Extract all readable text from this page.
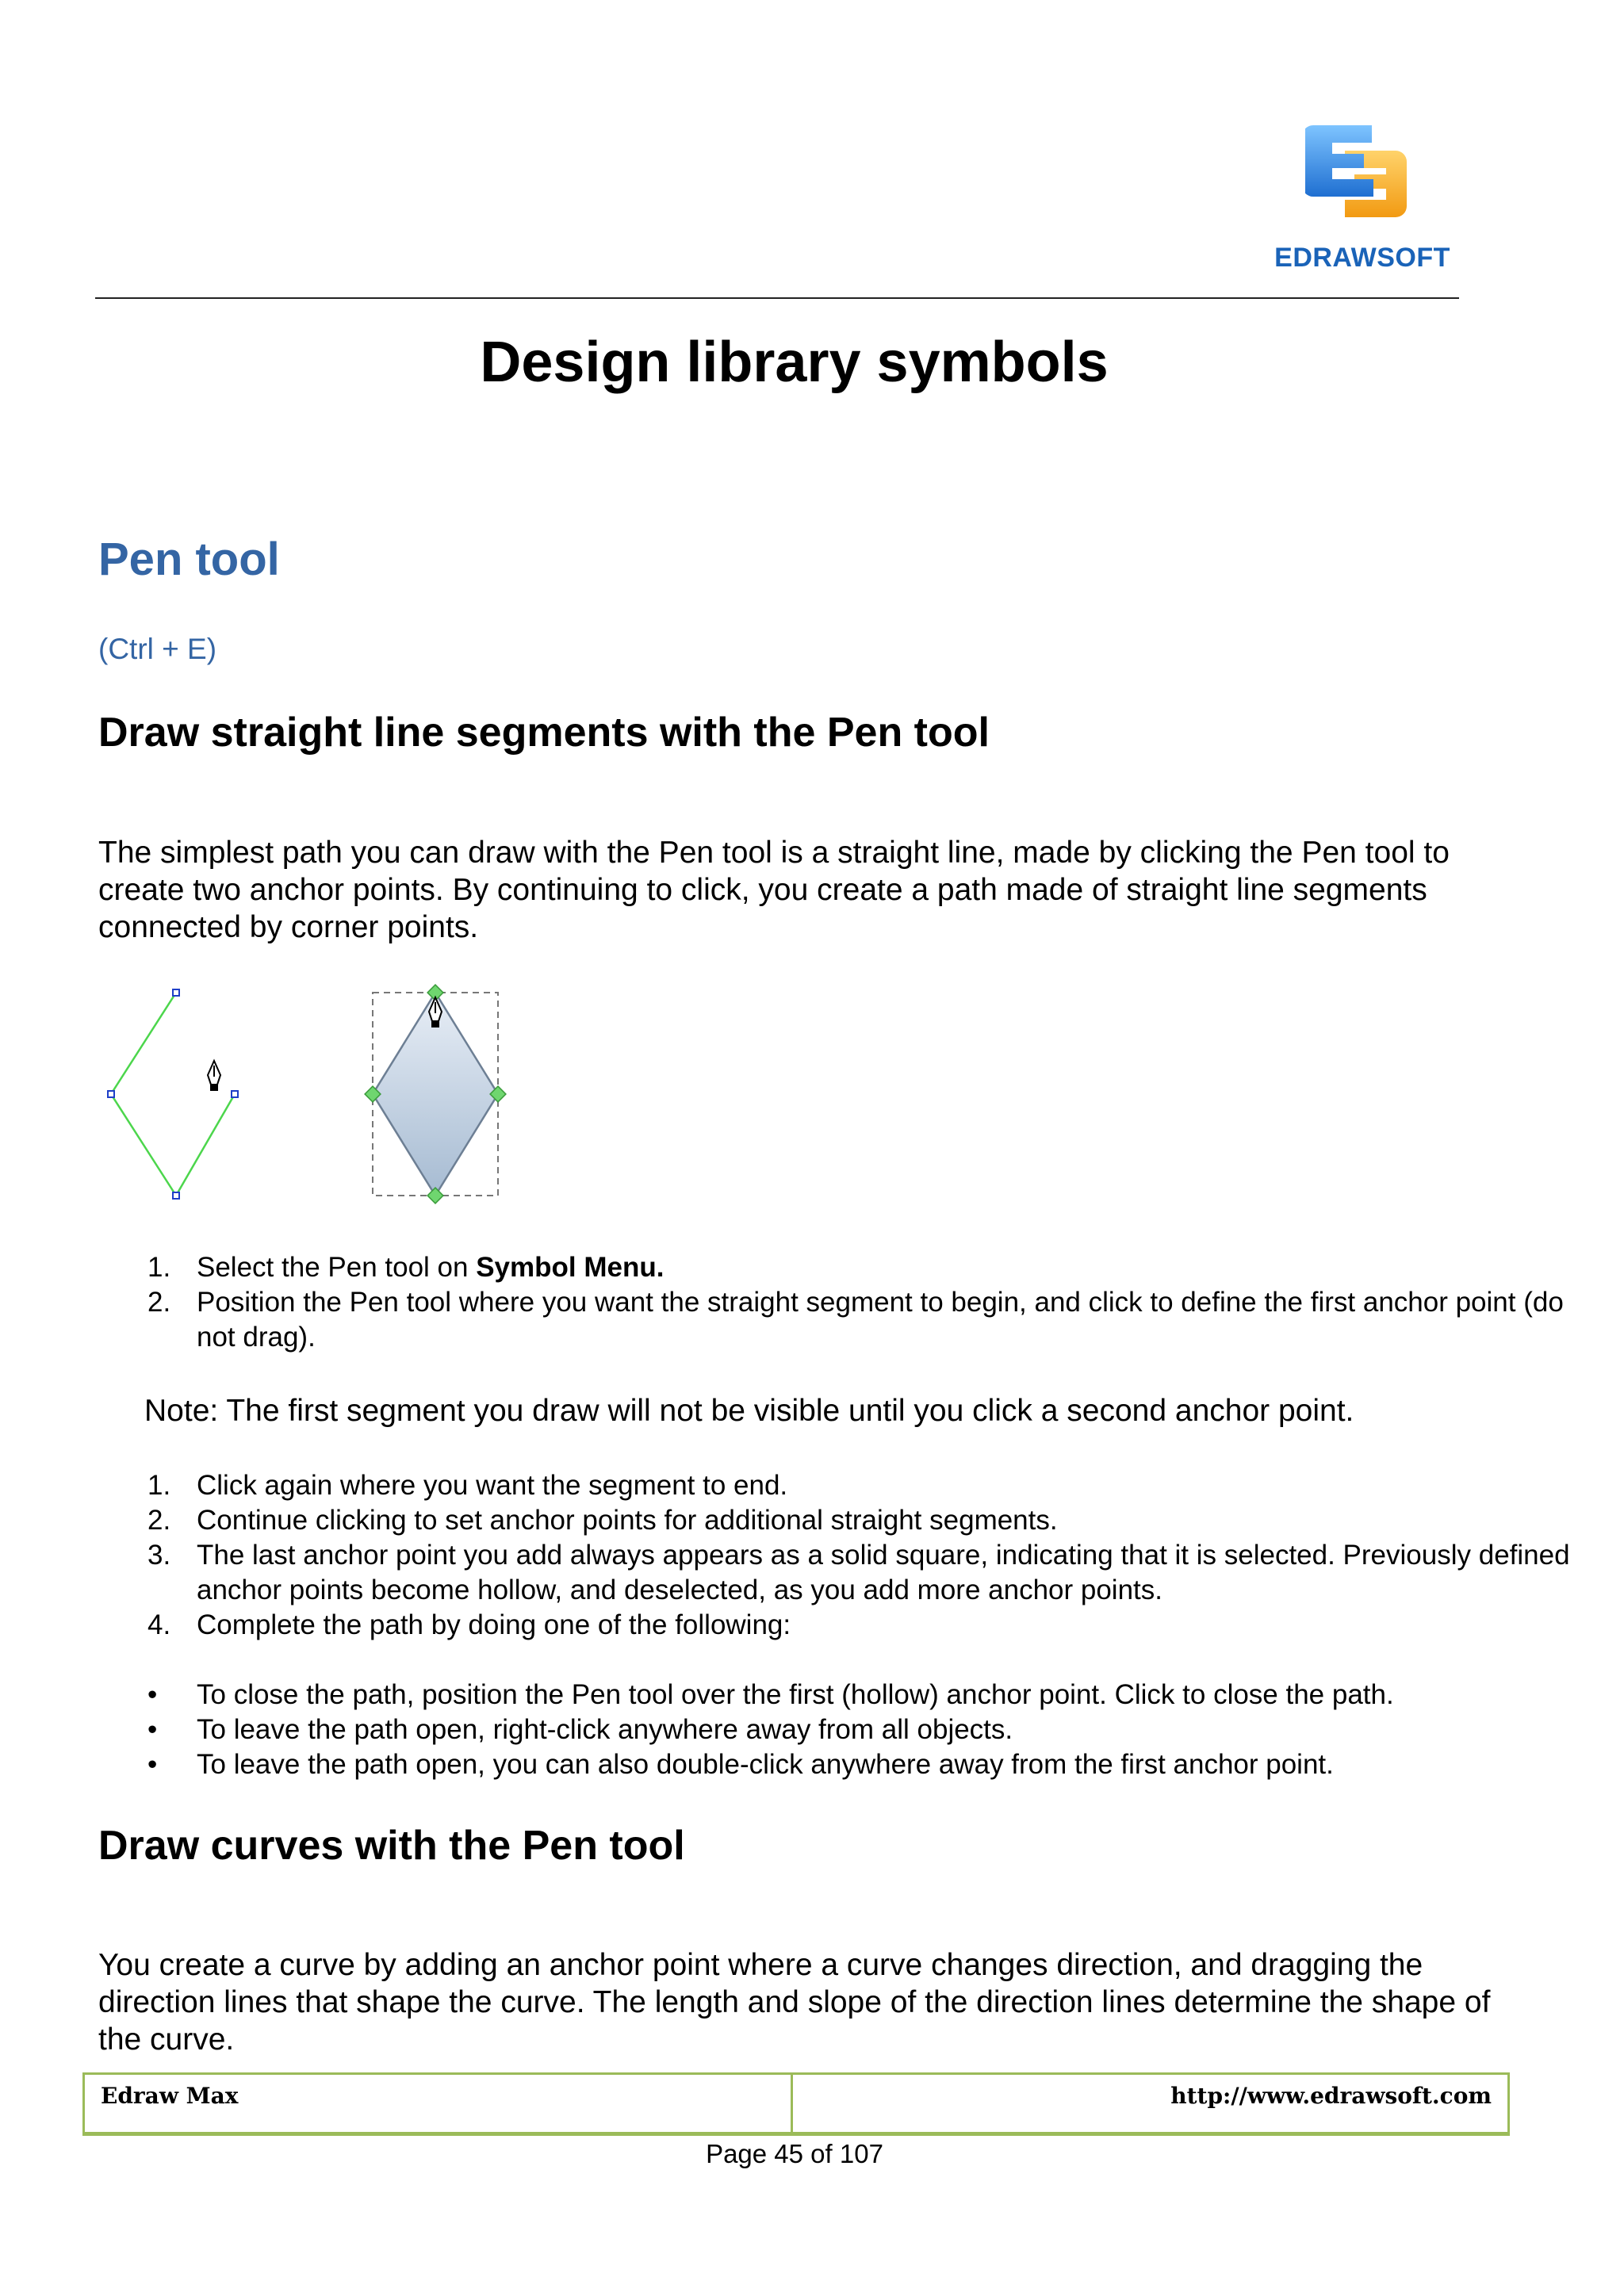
EDRAWSOFT
Design library symbols
Pen tool
(Ctrl + E)
Draw straight line segments with the Pen tool
The simplest path you can draw with the Pen tool is a straight line, made by clicking the Pen tool to create two anchor points. By continuing to click, you create a path made of straight line segments connected by corner points.
1. Select the Pen tool on Symbol Menu.
2. Position the Pen tool where you want the straight segment to begin, and click to define the first anchor point (do not drag).
Note: The first segment you draw will not be visible until you click a second anchor point.
1. Click again where you want the segment to end.
2. Continue clicking to set anchor points for additional straight segments.
3. The last anchor point you add always appears as a solid square, indicating that it is selected. Previously defined anchor points become hollow, and deselected, as you add more anchor points.
4. Complete the path by doing one of the following:
• To close the path, position the Pen tool over the first (hollow) anchor point. Click to close the path.
• To leave the path open, right-click anywhere away from all objects.
• To leave the path open, you can also double-click anywhere away from the first anchor point.
Draw curves with the Pen tool
You create a curve by adding an anchor point where a curve changes direction, and dragging the direction lines that shape the curve. The length and slope of the direction lines determine the shape of the curve.
Edraw Max	http://www.edrawsoft.com
Page 45 of 107
